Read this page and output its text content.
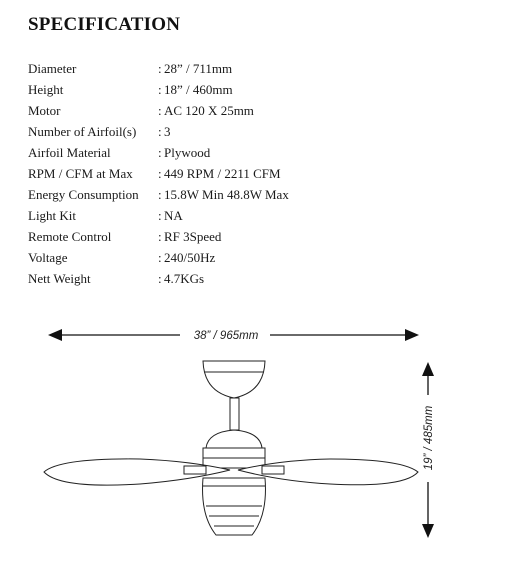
SPECIFICATION
Diameter	:	28” / 711mm
Height	:	18” / 460mm
Motor	:	AC 120 X 25mm
Number of Airfoil(s)	:	3
Airfoil Material	:	Plywood
RPM / CFM at Max	:	449 RPM / 2211 CFM
Energy Consumption	:	15.8W Min 48.8W Max
Light Kit	:	NA
Remote Control	:	RF 3Speed
Voltage	:	240/50Hz
Nett Weight	:	4.7KGs
38” / 965mm
19” / 485mm
